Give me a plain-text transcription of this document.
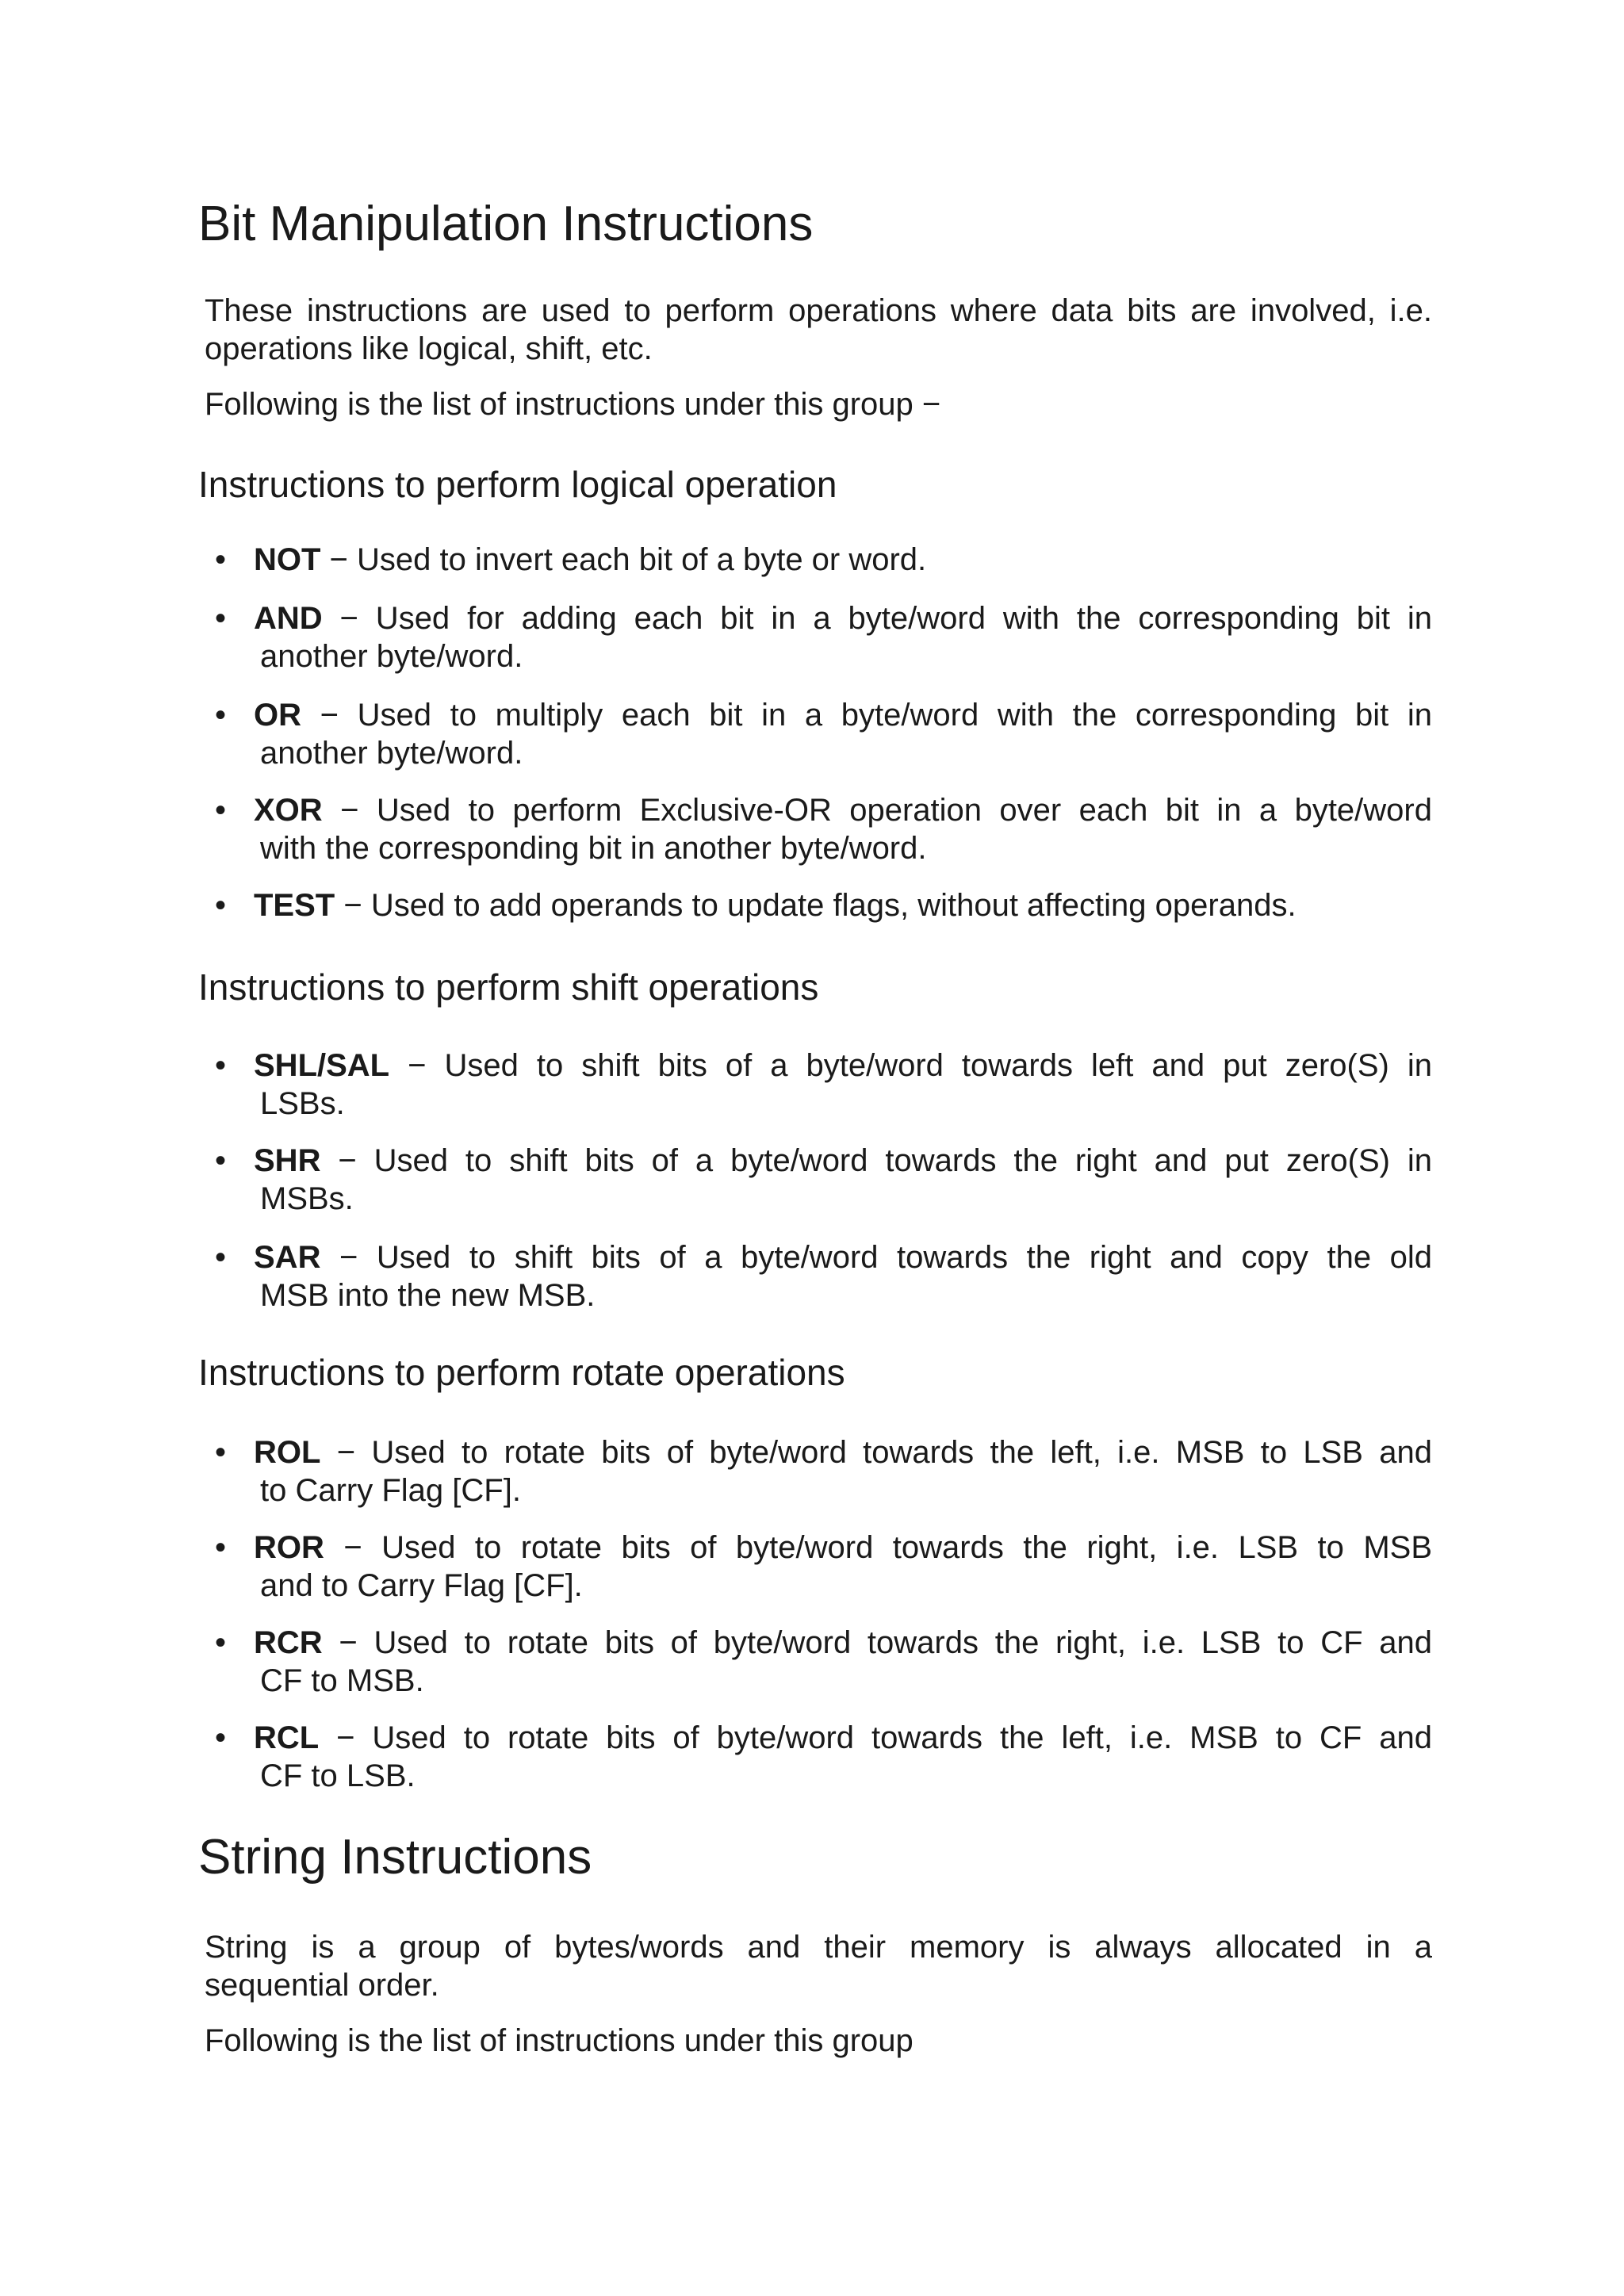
Bit Manipulation Instructions

These instructions are used to perform operations where data bits are involved, i.e.
operations like logical, shift, etc.

Following is the list of instructions under this group −

Instructions to perform logical operation
• NOT − Used to invert each bit of a byte or word.
• AND − Used for adding each bit in a byte/word with the corresponding bit in
another byte/word.
• OR − Used to multiply each bit in a byte/word with the corresponding bit in
another byte/word.
• XOR − Used to perform Exclusive-OR operation over each bit in a byte/word
with the corresponding bit in another byte/word.
• TEST − Used to add operands to update flags, without affecting operands.
Instructions to perform shift operations
• SHL/SAL − Used to shift bits of a byte/word towards left and put zero(S) in
LSBs.
• SHR − Used to shift bits of a byte/word towards the right and put zero(S) in
MSBs.
• SAR − Used to shift bits of a byte/word towards the right and copy the old
MSB into the new MSB.
Instructions to perform rotate operations
• ROL − Used to rotate bits of byte/word towards the left, i.e. MSB to LSB and
to Carry Flag [CF].
• ROR − Used to rotate bits of byte/word towards the right, i.e. LSB to MSB
and to Carry Flag [CF].
• RCR − Used to rotate bits of byte/word towards the right, i.e. LSB to CF and
CF to MSB.
• RCL − Used to rotate bits of byte/word towards the left, i.e. MSB to CF and
CF to LSB.
String Instructions

String is a group of bytes/words and their memory is always allocated in a
sequential order.

Following is the list of instructions under this group
